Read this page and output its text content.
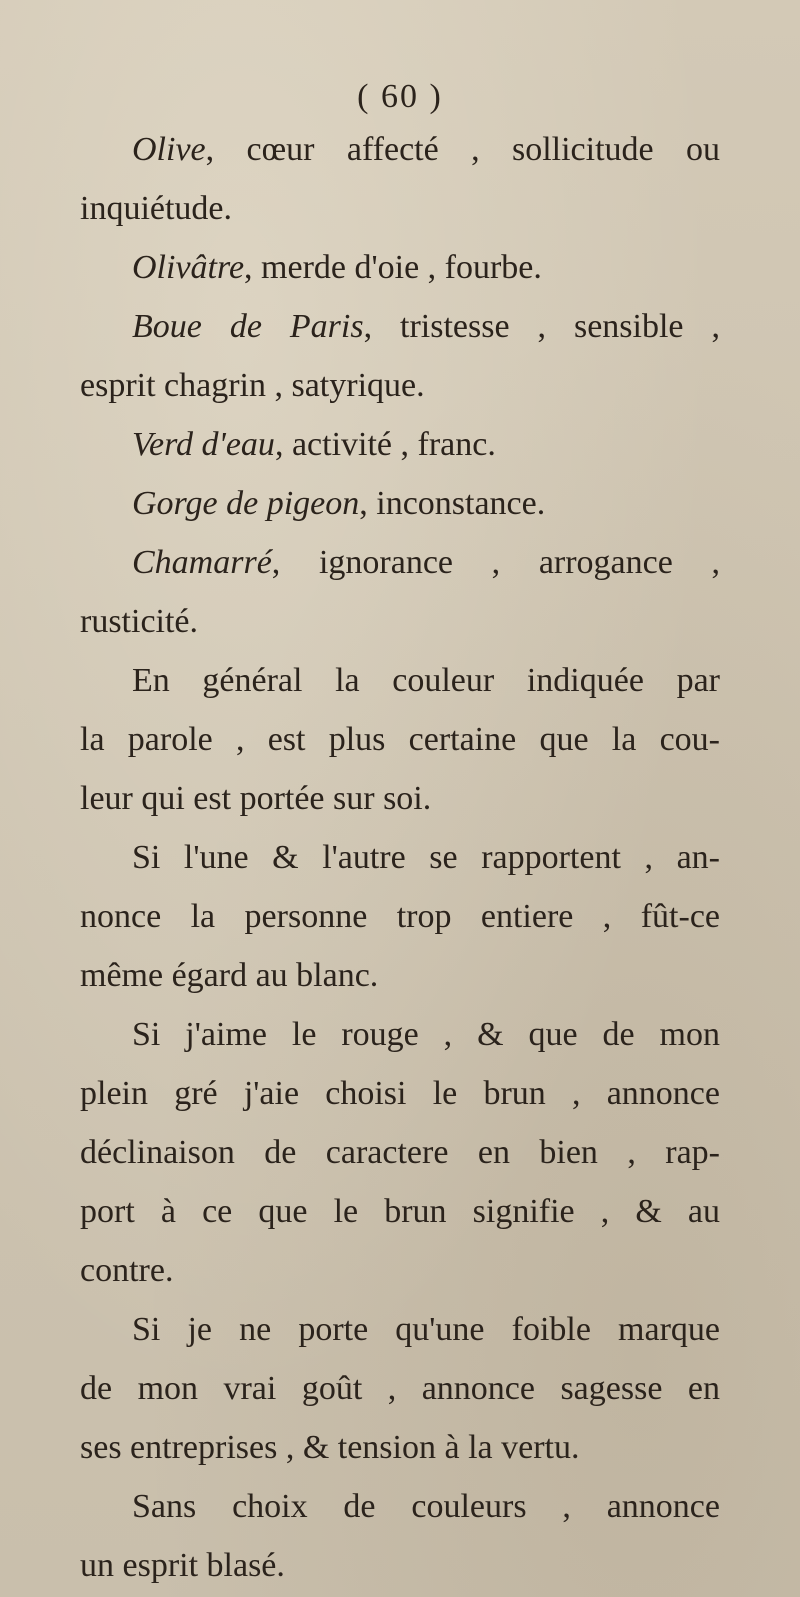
( 60 )
Olive, cœur affecté , sollicitude ou
inquiétude.
Olivâtre, merde d'oie , fourbe.
Boue de Paris, tristesse , sensible ,
esprit chagrin , satyrique.
Verd d'eau, activité , franc.
Gorge de pigeon, inconstance.
Chamarré, ignorance , arrogance ,
rusticité.
En général la couleur indiquée par
la parole , est plus certaine que la cou-
leur qui est portée sur soi.
Si l'une & l'autre se rapportent , an-
nonce la personne trop entiere , fût-ce
même égard au blanc.
Si j'aime le rouge , & que de mon
plein gré j'aie choisi le brun , annonce
déclinaison de caractere en bien , rap-
port à ce que le brun signifie , & au
contre.
Si je ne porte qu'une foible marque
de mon vrai goût , annonce sagesse en
ses entreprises , & tension à la vertu.
Sans choix de couleurs , annonce
un esprit blasé.
